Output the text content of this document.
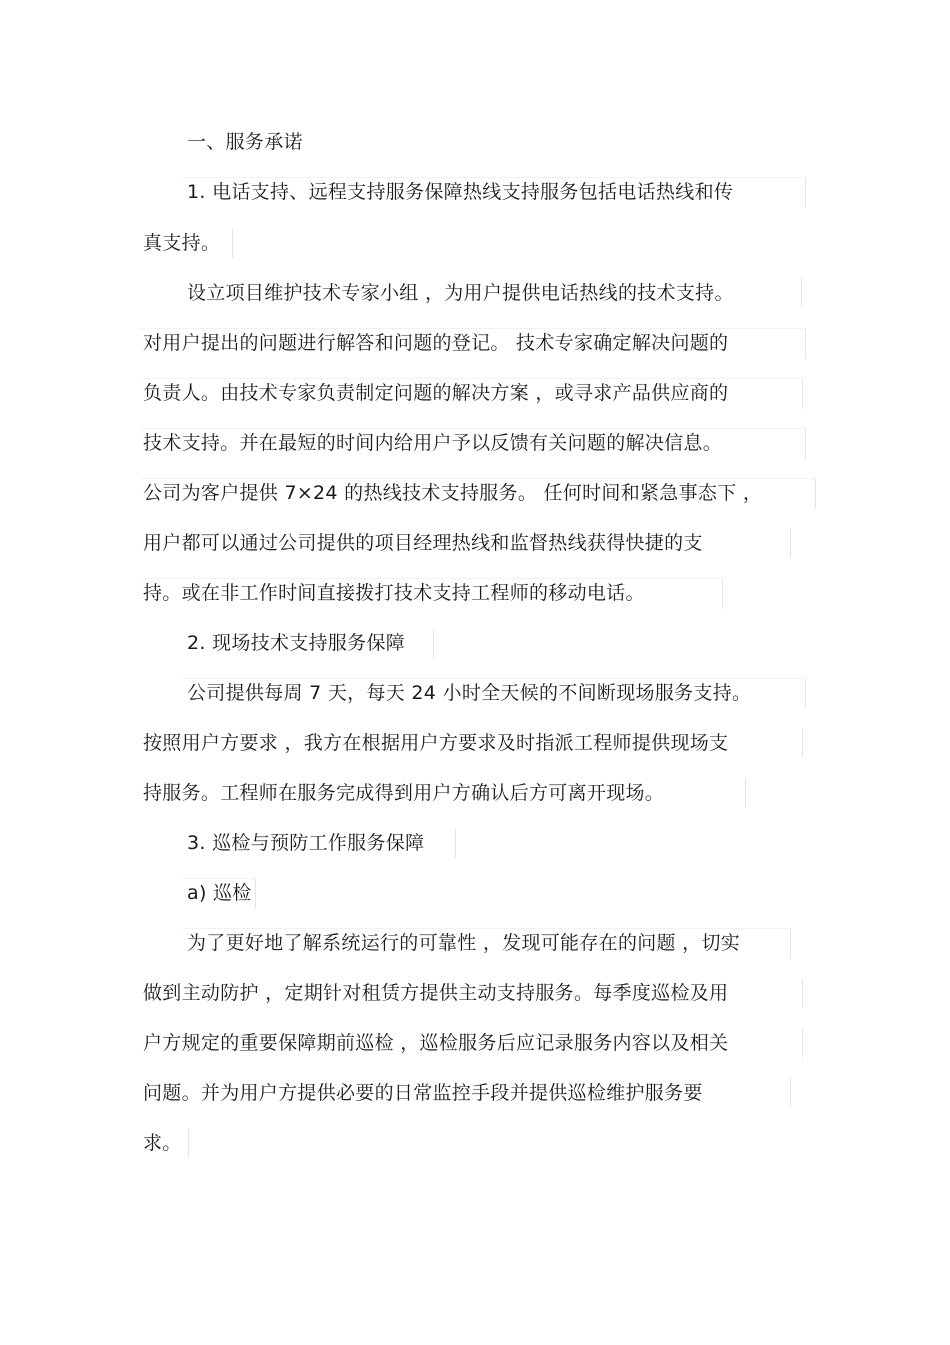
一、服务承诺
1. 电话支持、远程支持服务保障热线支持服务包括电话热线和传
真支持。
设立项目维护技术专家小组 ，为用户提供电话热线的技术支持。
对用户提出的问题进行解答和问题的登记。 技术专家确定解决问题的
负责人。由技术专家负责制定问题的解决方案 ，或寻求产品供应商的
技术支持。并在最短的时间内给用户予以反馈有关问题的解决信息。
公司为客户提供 7×24 的热线技术支持服务。 任何时间和紧急事态下 ，
用户都可以通过公司提供的项目经理热线和监督热线获得快捷的支
持。或在非工作时间直接拨打技术支持工程师的移动电话。
2. 现场技术支持服务保障
公司提供每周 7 天，每天 24 小时全天候的不间断现场服务支持。
按照用户方要求 ，我方在根据用户方要求及时指派工程师提供现场支
持服务。工程师在服务完成得到用户方确认后方可离开现场。
3. 巡检与预防工作服务保障
a) 巡检
为了更好地了解系统运行的可靠性 ，发现可能存在的问题 ，切实
做到主动防护 ，定期针对租赁方提供主动支持服务。每季度巡检及用
户方规定的重要保障期前巡检 ，巡检服务后应记录服务内容以及相关
问题。并为用户方提供必要的日常监控手段并提供巡检维护服务要
求。
